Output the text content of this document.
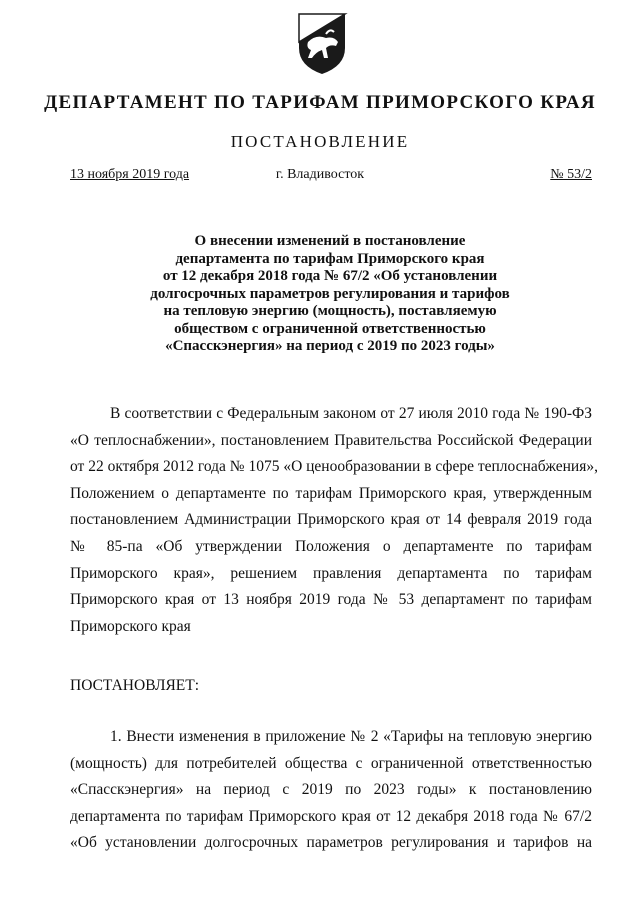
ДЕПАРТАМЕНТ ПО ТАРИФАМ ПРИМОРСКОГО КРАЯ
ПОСТАНОВЛЕНИЕ
13 ноября 2019 года	г. Владивосток	№ 53/2
О внесении изменений в постановление
департамента по тарифам Приморского края
от 12 декабря 2018 года № 67/2 «Об установлении
долгосрочных параметров регулирования и тарифов
на тепловую энергию (мощность), поставляемую
обществом с ограниченной ответственностью
«Спасскэнергия» на период с 2019 по 2023 годы»
В соответствии с Федеральным законом от 27 июля 2010 года № 190-ФЗ
«О теплоснабжении», постановлением Правительства Российской Федерации
от 22 октября 2012 года № 1075 «О ценообразовании в сфере теплоснабжения»,
Положением о департаменте по тарифам Приморского края, утвержденным
постановлением Администрации Приморского края от 14 февраля 2019 года
№ 85-па «Об утверждении Положения о департаменте по тарифам
Приморского края», решением правления департамента по тарифам
Приморского края от 13 ноября 2019 года № 53 департамент по тарифам
Приморского края
ПОСТАНОВЛЯЕТ:
1. Внести изменения в приложение № 2 «Тарифы на тепловую энергию
(мощность) для потребителей общества с ограниченной ответственностью
«Спасскэнергия» на период с 2019 по 2023 годы» к постановлению
департамента по тарифам Приморского края от 12 декабря 2018 года № 67/2
«Об установлении долгосрочных параметров регулирования и тарифов на
